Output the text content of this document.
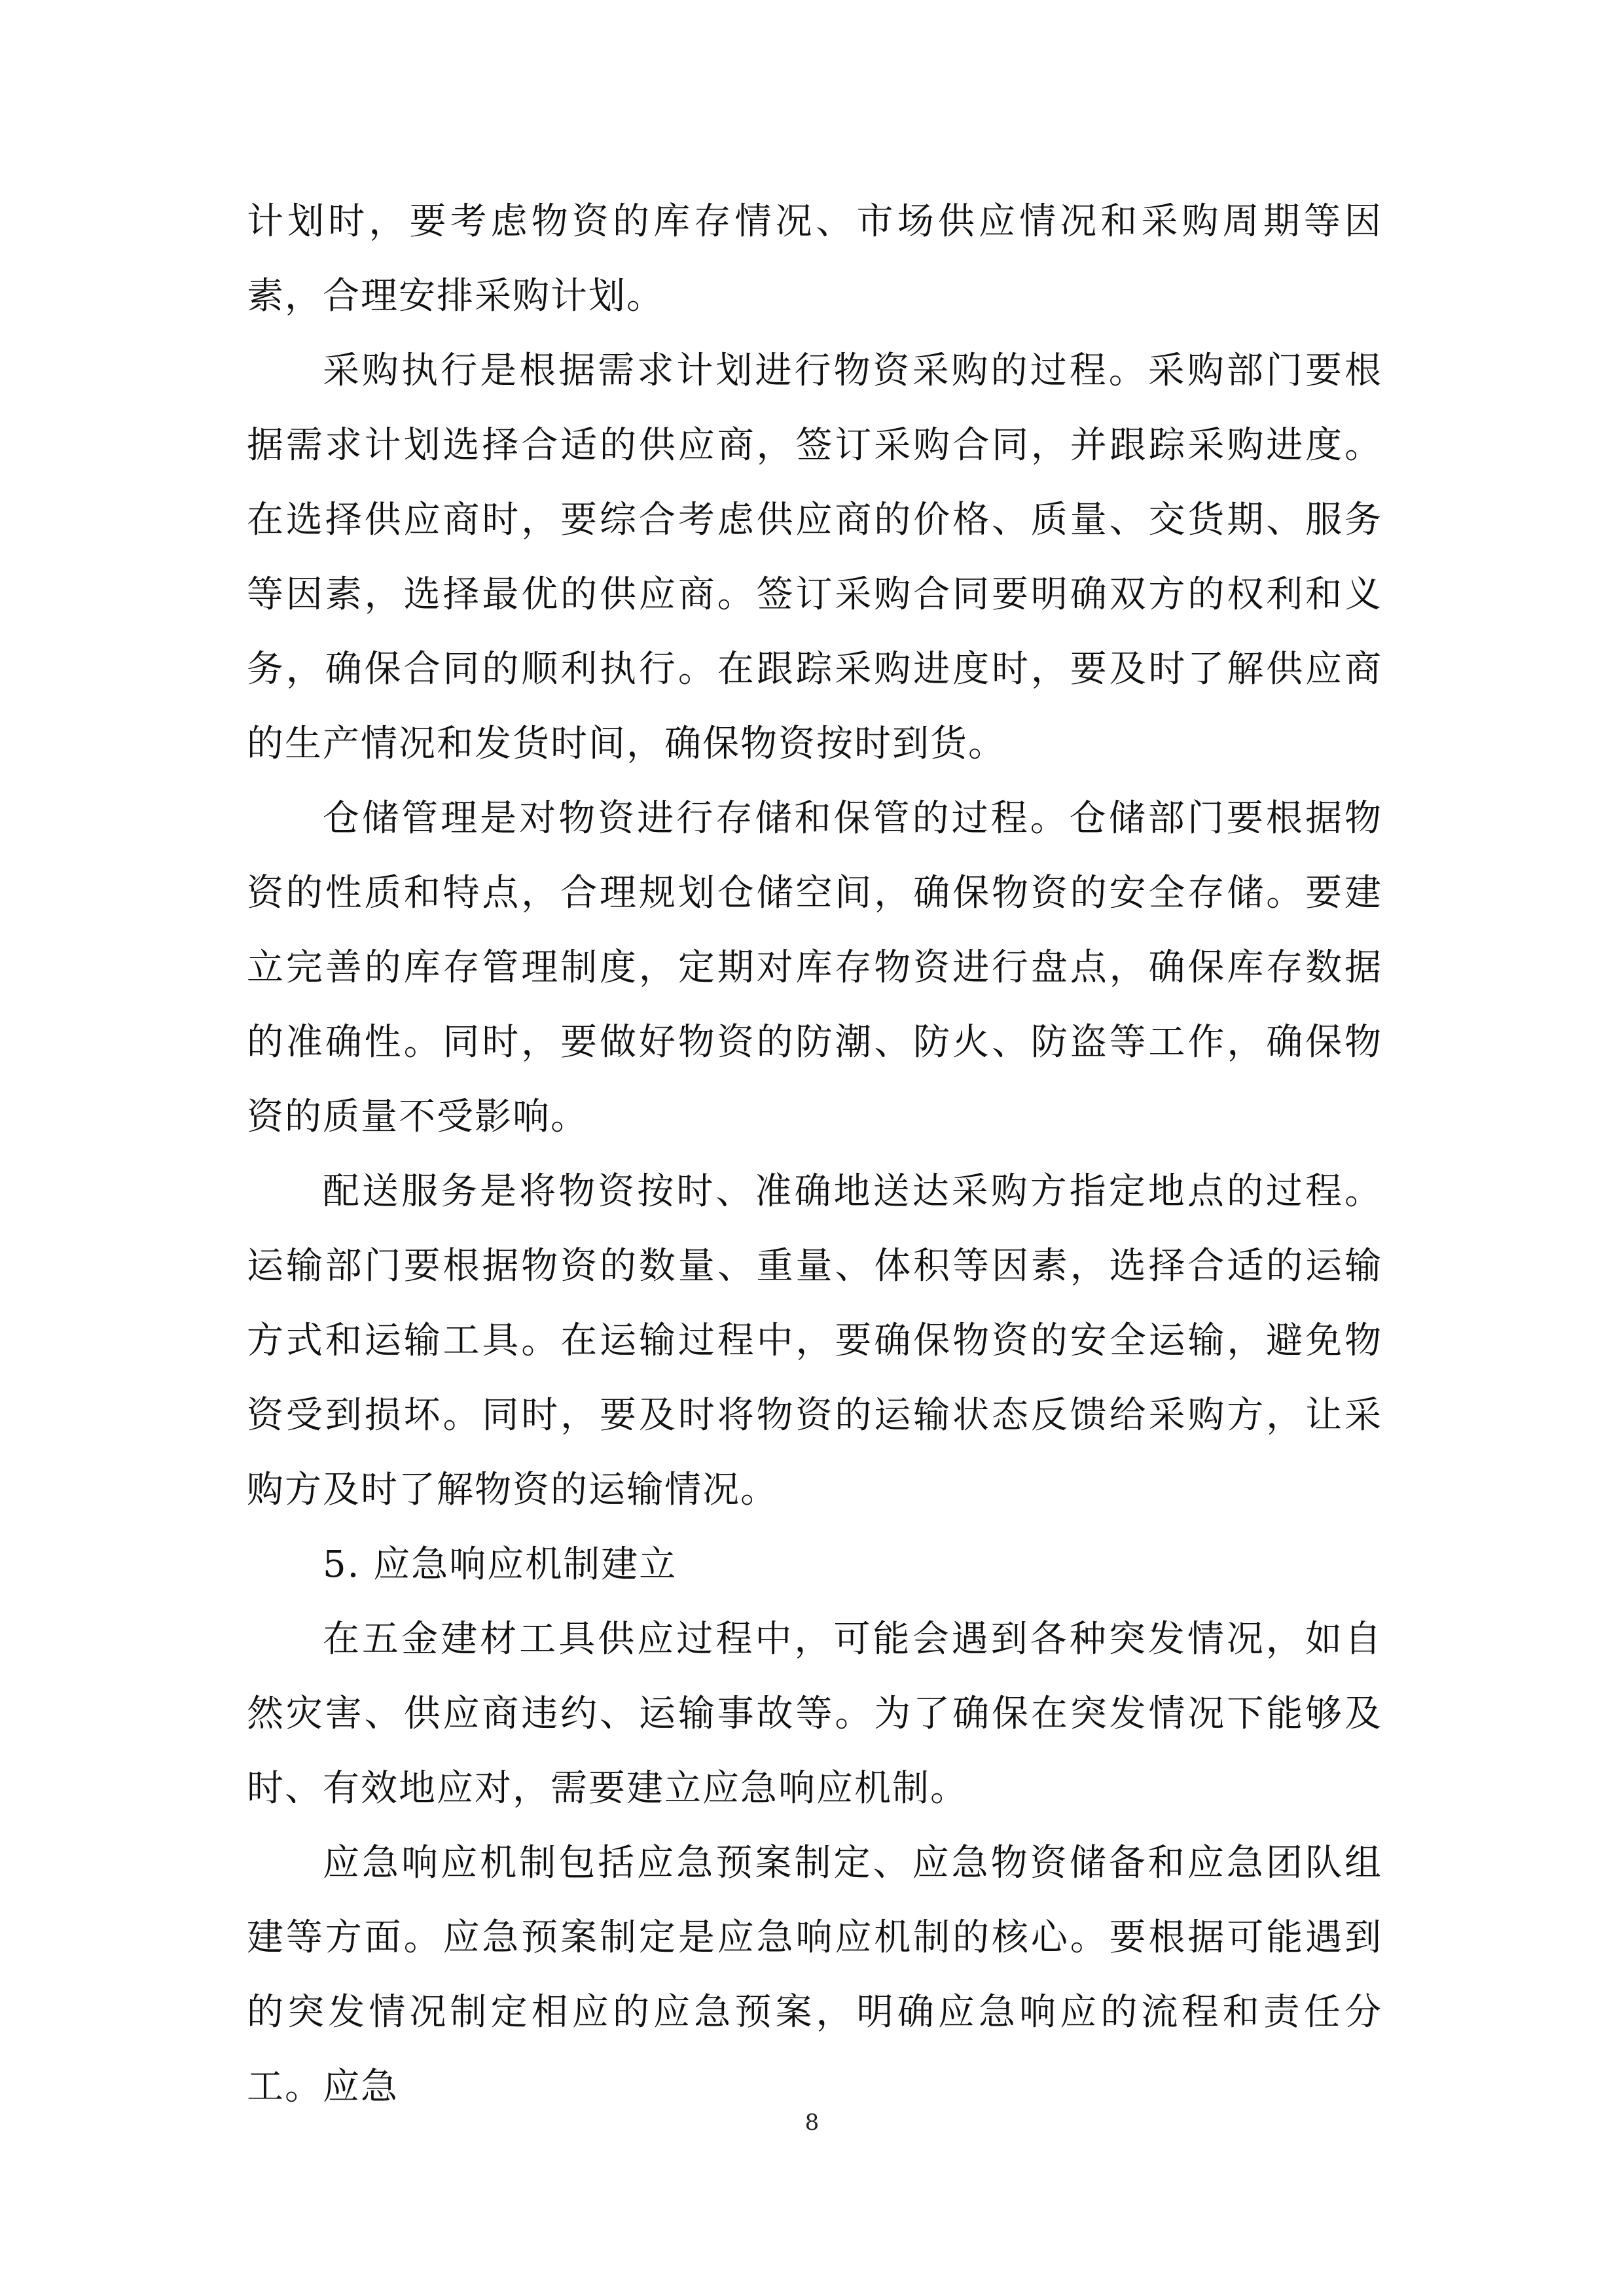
计划时，要考虑物资的库存情况、市场供应情况和采购周期等因素，合理安排采购计划。

采购执行是根据需求计划进行物资采购的过程。采购部门要根据需求计划选择合适的供应商，签订采购合同，并跟踪采购进度。在选择供应商时，要综合考虑供应商的价格、质量、交货期、服务等因素，选择最优的供应商。签订采购合同要明确双方的权利和义务，确保合同的顺利执行。在跟踪采购进度时，要及时了解供应商的生产情况和发货时间，确保物资按时到货。

仓储管理是对物资进行存储和保管的过程。仓储部门要根据物资的性质和特点，合理规划仓储空间，确保物资的安全存储。要建立完善的库存管理制度，定期对库存物资进行盘点，确保库存数据的准确性。同时，要做好物资的防潮、防火、防盗等工作，确保物资的质量不受影响。

配送服务是将物资按时、准确地送达采购方指定地点的过程。运输部门要根据物资的数量、重量、体积等因素，选择合适的运输方式和运输工具。在运输过程中，要确保物资的安全运输，避免物资受到损坏。同时，要及时将物资的运输状态反馈给采购方，让采购方及时了解物资的运输情况。

5. 应急响应机制建立

在五金建材工具供应过程中，可能会遇到各种突发情况，如自然灾害、供应商违约、运输事故等。为了确保在突发情况下能够及时、有效地应对，需要建立应急响应机制。

应急响应机制包括应急预案制定、应急物资储备和应急团队组建等方面。应急预案制定是应急响应机制的核心。要根据可能遇到的突发情况制定相应的应急预案，明确应急响应的流程和责任分工。应急

8
